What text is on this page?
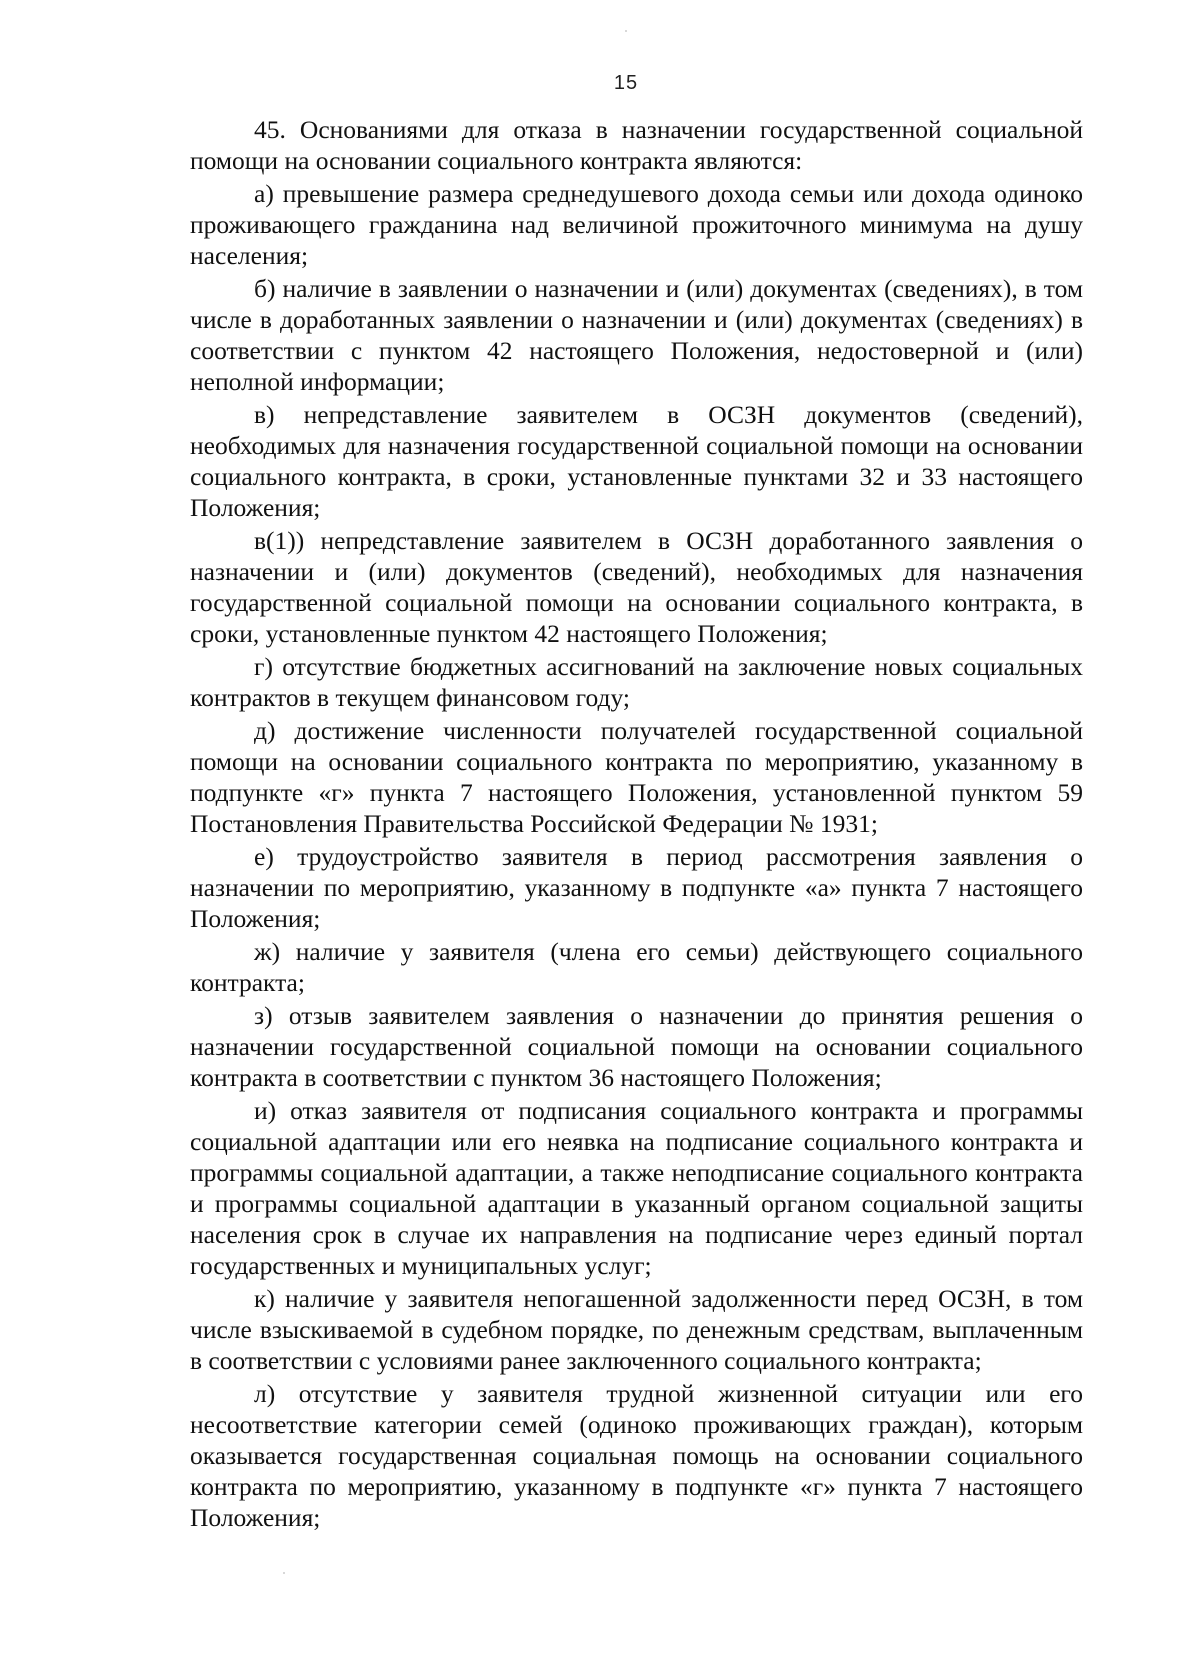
15

45. Основаниями для отказа в назначении государственной социальной помощи на основании социального контракта являются:

а) превышение размера среднедушевого дохода семьи или дохода одиноко проживающего гражданина над величиной прожиточного минимума на душу населения;

б) наличие в заявлении о назначении и (или) документах (сведениях), в том числе в доработанных заявлении о назначении и (или) документах (сведениях) в соответствии с пунктом 42 настоящего Положения, недостоверной и (или) неполной информации;

в) непредставление заявителем в ОСЗН документов (сведений), необходимых для назначения государственной социальной помощи на основании социального контракта, в сроки, установленные пунктами 32 и 33 настоящего Положения;

в(1)) непредставление заявителем в ОСЗН доработанного заявления о назначении и (или) документов (сведений), необходимых для назначения государственной социальной помощи на основании социального контракта, в сроки, установленные пунктом 42 настоящего Положения;

г) отсутствие бюджетных ассигнований на заключение новых социальных контрактов в текущем финансовом году;

д) достижение численности получателей государственной социальной помощи на основании социального контракта по мероприятию, указанному в подпункте «г» пункта 7 настоящего Положения, установленной пунктом 59 Постановления Правительства Российской Федерации № 1931;

е) трудоустройство заявителя в период рассмотрения заявления о назначении по мероприятию, указанному в подпункте «а» пункта 7 настоящего Положения;

ж) наличие у заявителя (члена его семьи) действующего социального контракта;

з) отзыв заявителем заявления о назначении до принятия решения о назначении государственной социальной помощи на основании социального контракта в соответствии с пунктом 36 настоящего Положения;

и) отказ заявителя от подписания социального контракта и программы социальной адаптации или его неявка на подписание социального контракта и программы социальной адаптации, а также неподписание социального контракта и программы социальной адаптации в указанный органом социальной защиты населения срок в случае их направления на подписание через единый портал государственных и муниципальных услуг;

к) наличие у заявителя непогашенной задолженности перед ОСЗН, в том числе взыскиваемой в судебном порядке, по денежным средствам, выплаченным в соответствии с условиями ранее заключенного социального контракта;

л) отсутствие у заявителя трудной жизненной ситуации или его несоответствие категории семей (одиноко проживающих граждан), которым оказывается государственная социальная помощь на основании социального контракта по мероприятию, указанному в подпункте «г» пункта 7 настоящего Положения;
